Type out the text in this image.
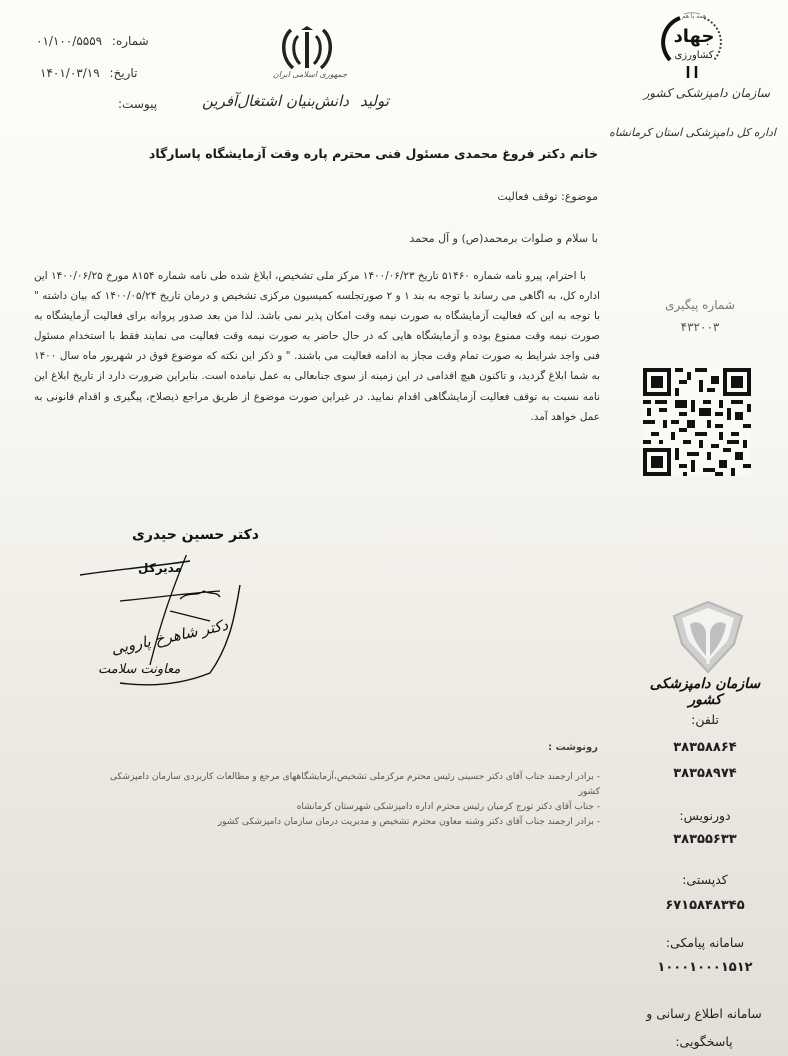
شماره: ۰۱/۱۰۰/۵۵۵۹
تاریخ: ۱۴۰۱/۰۳/۱۹
پیوست:
جمهوری اسلامی ایران
تولید
دانش‌بنیان
اشتغال‌آفرین
همه با هم
جهاد
کشاورزی
سازمان دامپزشکی کشور
اداره کل دامپزشکی استان کرمانشاه
خانم دکتر فروغ محمدی مسئول فنی محترم پاره وقت آزمایشگاه پاسارگاد
موضوع: توقف فعالیت
با سلام و صلوات برمحمد(ص) و آل محمد

با احترام، پیرو نامه شماره ۵۱۴۶۰ تاریخ ۱۴۰۰/۰۶/۲۳ مرکز ملی تشخیص، ابلاغ شده طی نامه شماره ۸۱۵۴ مورخ ۱۴۰۰/۰۶/۲۵ این اداره کل، به اگاهی می رساند با توجه به بند ۱ و ۲ صورتجلسه کمیسیون مرکزی تشخیص و درمان تاریخ ۱۴۰۰/۰۵/۲۴ که بیان داشته " با توجه به این که فعالیت آزمایشگاه به صورت نیمه وقت امکان پذیر نمی باشد. لذا من بعد صدور پروانه برای فعالیت آزمایشگاه به صورت نیمه وقت ممنوع بوده و آزمایشگاه هایی که در حال حاضر به صورت نیمه وقت فعالیت می نمایند فقط با استخدام مسئول فنی واجد شرایط به صورت تمام وقت مجاز به ادامه فعالیت می باشند. " و ذکر این نکته که موضوع فوق در شهریور ماه سال ۱۴۰۰ به شما ابلاغ گردید، و تاکنون هیچ اقدامی در این زمینه از سوی جنابعالی به عمل نیامده است. بنابراین ضرورت دارد از تاریخ ابلاغ این نامه نسبت به توقف فعالیت آزمایشگاهی اقدام نمایید. در غیراین صورت موضوع از طریق مراجع ذیصلاح، پیگیری و اقدام قانونی به عمل خواهد آمد.

شماره پیگیری
۴۳۲۰۰۳
دکتر حسین حیدری
مدیرکل
دکتر شاهرخ پارویی
معاونت سلامت
سازمان دامپزشکی کشور
تلفن:
۳۸۳۵۸۸۶۴
۳۸۳۵۸۹۷۴
دورنویس:
۳۸۳۵۵۶۳۳
کدپستی:
۶۷۱۵۸۴۸۳۴۵
سامانه پیامکی:
۱۰۰۰۱۰۰۰۱۵۱۲
سامانه اطلاع رسانی و پاسخگویی:
رونوشت :
- برادر ارجمند جناب آقای دکتر حسینی رئیس محترم مرکزملی تشخیص،آزمایشگاههای مرجع و مطالعات کاربردی سازمان دامپزشکی
کشور
- جناب آقای دکتر تورج کرمیان رئیس محترم اداره دامپزشکی شهرستان کرمانشاه
- برادر ارجمند جناب آقای دکتر وشنه معاون محترم تشخیص و مدیریت درمان سازمان دامپزشکی کشور
